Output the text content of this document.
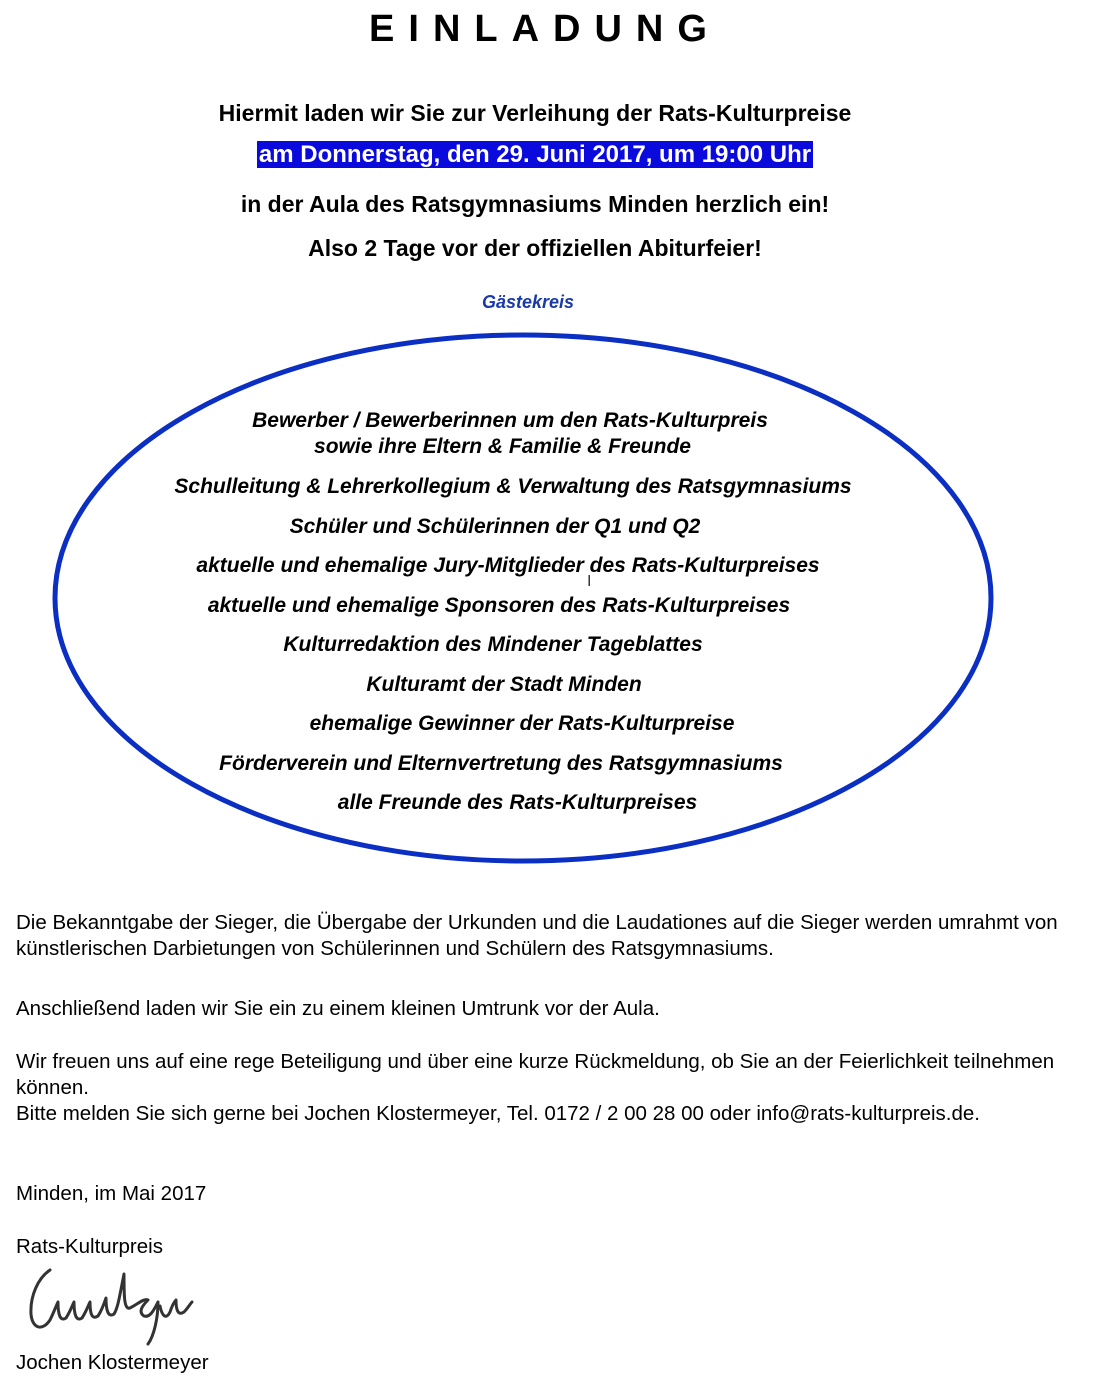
EINLADUNG
Hiermit laden wir Sie zur Verleihung der Rats-Kulturpreise
am Donnerstag, den 29. Juni 2017, um 19:00 Uhr
in der Aula des Ratsgymnasiums Minden herzlich ein!
Also 2 Tage vor der offiziellen Abiturfeier!
Gästekreis
Bewerber / Bewerberinnen um den Rats-Kulturpreis
sowie ihre Eltern & Familie & Freunde
Schulleitung & Lehrerkollegium & Verwaltung des Ratsgymnasiums
Schüler und Schülerinnen der Q1 und Q2
aktuelle und ehemalige Jury-Mitglieder des Rats-Kulturpreises
I
aktuelle und ehemalige Sponsoren des Rats-Kulturpreises
Kulturredaktion des Mindener Tageblattes
Kulturamt der Stadt Minden
ehemalige Gewinner der Rats-Kulturpreise
Förderverein und Elternvertretung des Ratsgymnasiums
alle Freunde des Rats-Kulturpreises
Die Bekanntgabe der Sieger, die Übergabe der Urkunden und die Laudationes auf die Sieger werden umrahmt von künstlerischen Darbietungen von Schülerinnen und Schülern des Ratsgymnasiums.
Anschließend laden wir Sie ein zu einem kleinen Umtrunk vor der Aula.
Wir freuen uns auf eine rege Beteiligung und über eine kurze Rückmeldung, ob Sie an der Feierlichkeit teilnehmen können.
Bitte melden Sie sich gerne bei Jochen Klostermeyer, Tel. 0172 / 2 00 28 00 oder info@rats-kulturpreis.de.
Minden, im Mai 2017
Rats-Kulturpreis
Jochen Klostermeyer
